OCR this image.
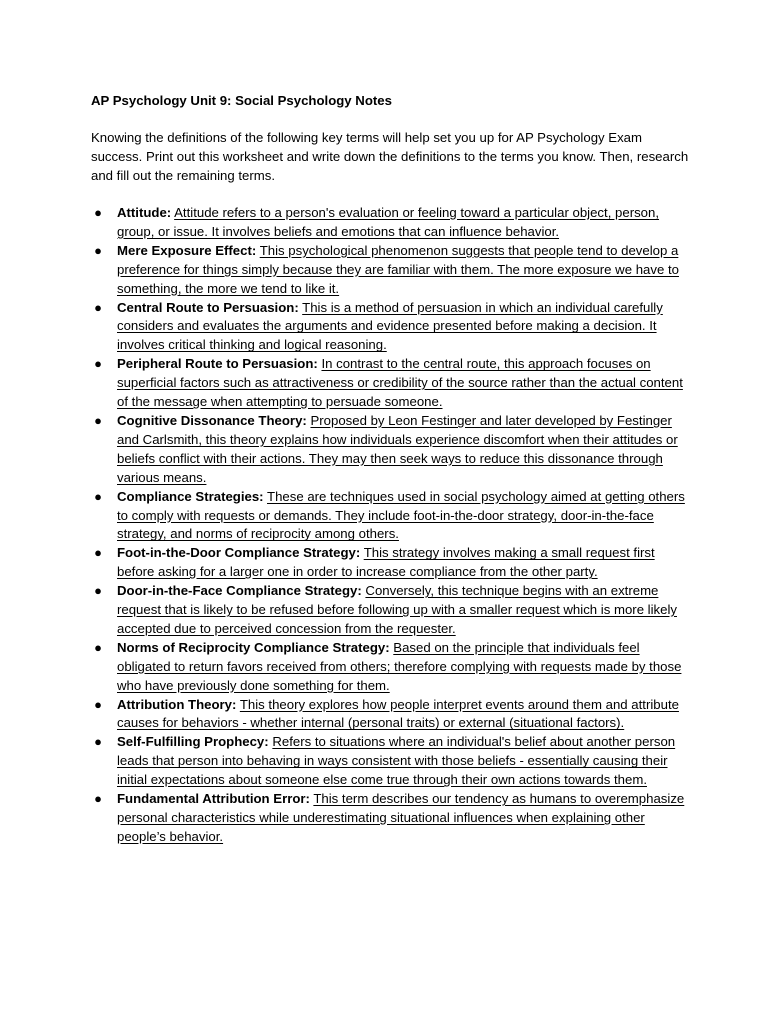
AP Psychology Unit 9: Social Psychology Notes

Knowing the definitions of the following key terms will help set you up for AP Psychology Exam success. Print out this worksheet and write down the definitions to the terms you know. Then, research and fill out the remaining terms.

● Attitude: Attitude refers to a person's evaluation or feeling toward a particular object, person, group, or issue. It involves beliefs and emotions that can influence behavior.
● Mere Exposure Effect: This psychological phenomenon suggests that people tend to develop a preference for things simply because they are familiar with them. The more exposure we have to something, the more we tend to like it.
● Central Route to Persuasion: This is a method of persuasion in which an individual carefully considers and evaluates the arguments and evidence presented before making a decision. It involves critical thinking and logical reasoning.
● Peripheral Route to Persuasion: In contrast to the central route, this approach focuses on superficial factors such as attractiveness or credibility of the source rather than the actual content of the message when attempting to persuade someone.
● Cognitive Dissonance Theory: Proposed by Leon Festinger and later developed by Festinger and Carlsmith, this theory explains how individuals experience discomfort when their attitudes or beliefs conflict with their actions. They may then seek ways to reduce this dissonance through various means.
● Compliance Strategies: These are techniques used in social psychology aimed at getting others to comply with requests or demands. They include foot-in-the-door strategy, door-in-the-face strategy, and norms of reciprocity among others.
● Foot-in-the-Door Compliance Strategy: This strategy involves making a small request first before asking for a larger one in order to increase compliance from the other party.
● Door-in-the-Face Compliance Strategy: Conversely, this technique begins with an extreme request that is likely to be refused before following up with a smaller request which is more likely accepted due to perceived concession from the requester.
● Norms of Reciprocity Compliance Strategy: Based on the principle that individuals feel obligated to return favors received from others; therefore complying with requests made by those who have previously done something for them.
● Attribution Theory: This theory explores how people interpret events around them and attribute causes for behaviors - whether internal (personal traits) or external (situational factors).
● Self-Fulfilling Prophecy: Refers to situations where an individual's belief about another person leads that person into behaving in ways consistent with those beliefs - essentially causing their initial expectations about someone else come true through their own actions towards them.
● Fundamental Attribution Error: This term describes our tendency as humans to overemphasize personal characteristics while underestimating situational influences when explaining other people’s behavior.
